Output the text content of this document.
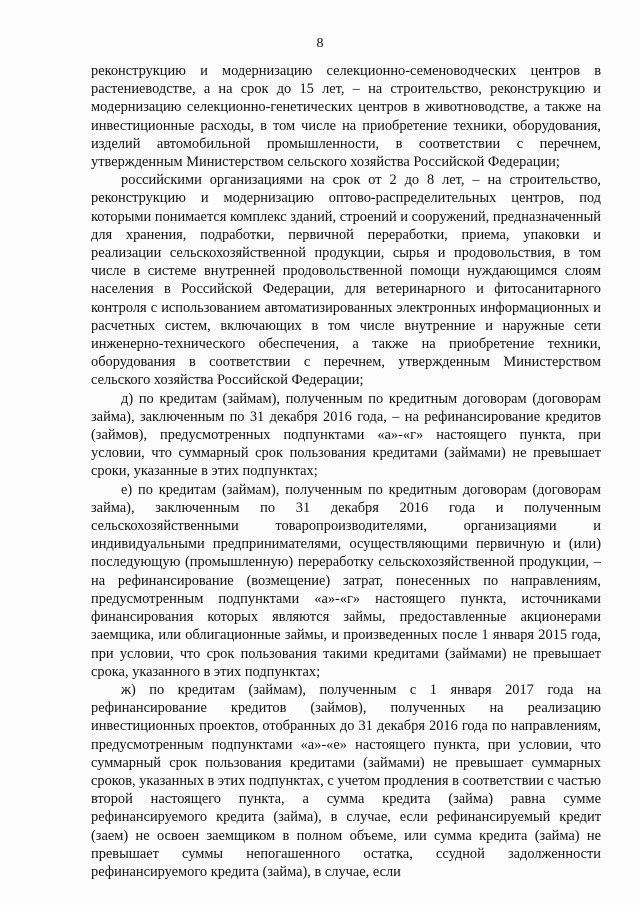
8

реконструкцию и модернизацию селекционно-семеноводческих центров в растениеводстве, а на срок до 15 лет, – на строительство, реконструкцию и модернизацию селекционно-генетических центров в животноводстве, а также на инвестиционные расходы, в том числе на приобретение техники, оборудования, изделий автомобильной промышленности, в соответствии с перечнем, утвержденным Министерством сельского хозяйства Российской Федерации;

российскими организациями на срок от 2 до 8 лет, – на строительство, реконструкцию и модернизацию оптово-распределительных центров, под которыми понимается комплекс зданий, строений и сооружений, предназначенный для хранения, подработки, первичной переработки, приема, упаковки и реализации сельскохозяйственной продукции, сырья и продовольствия, в том числе в системе внутренней продовольственной помощи нуждающимся слоям населения в Российской Федерации, для ветеринарного и фитосанитарного контроля с использованием автоматизированных электронных информационных и расчетных систем, включающих в том числе внутренние и наружные сети инженерно-технического обеспечения, а также на приобретение техники, оборудования в соответствии с перечнем, утвержденным Министерством сельского хозяйства Российской Федерации;

д) по кредитам (займам), полученным по кредитным договорам (договорам займа), заключенным по 31 декабря 2016 года, – на рефинансирование кредитов (займов), предусмотренных подпунктами «а»-«г» настоящего пункта, при условии, что суммарный срок пользования кредитами (займами) не превышает сроки, указанные в этих подпунктах;

е) по кредитам (займам), полученным по кредитным договорам (договорам займа), заключенным по 31 декабря 2016 года и полученным сельскохозяйственными товаропроизводителями, организациями и индивидуальными предпринимателями, осуществляющими первичную и (или) последующую (промышленную) переработку сельскохозяйственной продукции, – на рефинансирование (возмещение) затрат, понесенных по направлениям, предусмотренным подпунктами «а»-«г» настоящего пункта, источниками финансирования которых являются займы, предоставленные акционерами заемщика, или облигационные займы, и произведенных после 1 января 2015 года, при условии, что срок пользования такими кредитами (займами) не превышает срока, указанного в этих подпунктах;

ж) по кредитам (займам), полученным с 1 января 2017 года на рефинансирование кредитов (займов), полученных на реализацию инвестиционных проектов, отобранных до 31 декабря 2016 года по направлениям, предусмотренным подпунктами «а»-«е» настоящего пункта, при условии, что суммарный срок пользования кредитами (займами) не превышает суммарных сроков, указанных в этих подпунктах, с учетом продления в соответствии с частью второй настоящего пункта, а сумма кредита (займа) равна сумме рефинансируемого кредита (займа), в случае, если рефинансируемый кредит (заем) не освоен заемщиком в полном объеме, или сумма кредита (займа) не превышает суммы непогашенного остатка, ссудной задолженности рефинансируемого кредита (займа), в случае, если
